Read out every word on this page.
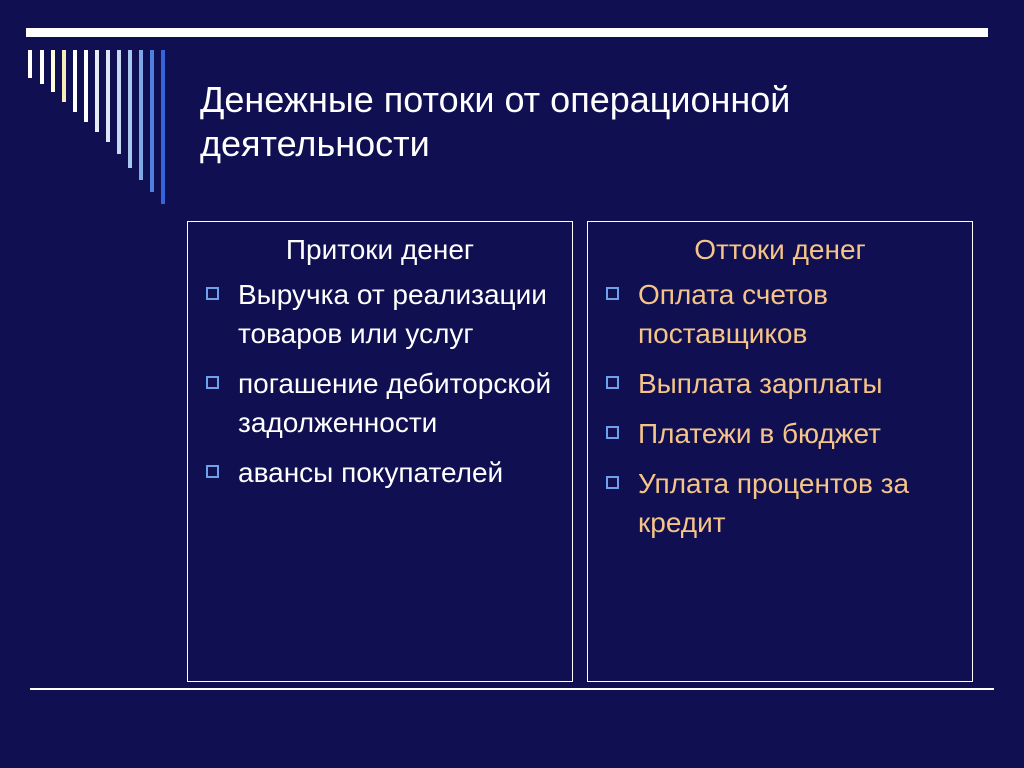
Денежные потоки от операционной
деятельности
Притоки денег
Выручка от реализации товаров или услуг
погашение дебиторской задолженности
авансы покупателей
Оттоки денег
Оплата счетов поставщиков
Выплата зарплаты
Платежи в бюджет
Уплата процентов за кредит
